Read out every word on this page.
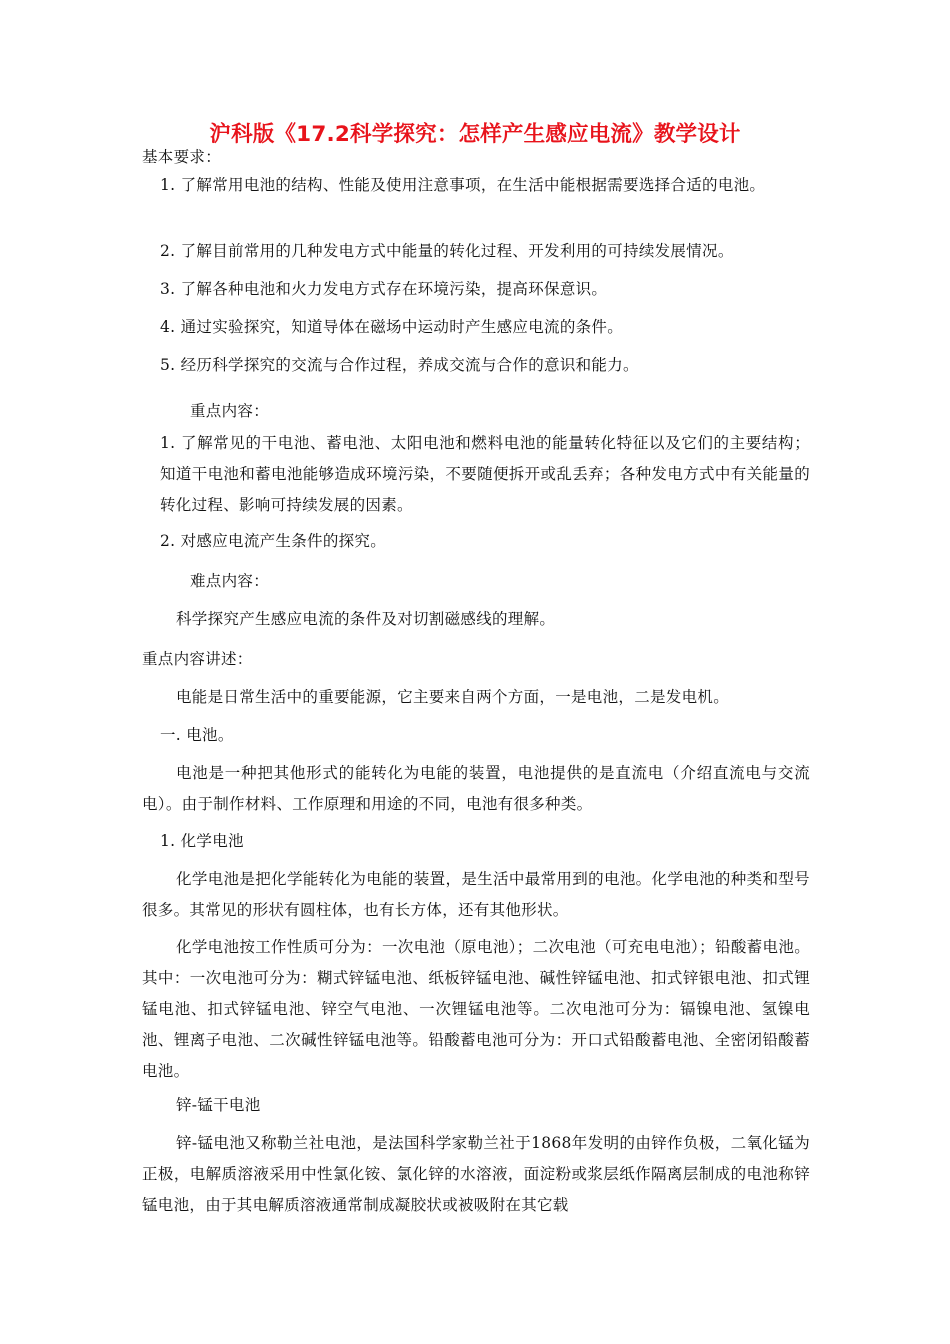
沪科版《17.2科学探究：怎样产生感应电流》教学设计
基本要求：
1. 了解常用电池的结构、性能及使用注意事项，在生活中能根据需要选择合适的电池。
2. 了解目前常用的几种发电方式中能量的转化过程、开发利用的可持续发展情况。
3. 了解各种电池和火力发电方式存在环境污染，提高环保意识。
4. 通过实验探究，知道导体在磁场中运动时产生感应电流的条件。
5. 经历科学探究的交流与合作过程，养成交流与合作的意识和能力。
重点内容：
1. 了解常见的干电池、蓄电池、太阳电池和燃料电池的能量转化特征以及它们的主要结构；知道干电池和蓄电池能够造成环境污染，不要随便拆开或乱丢弃；各种发电方式中有关能量的转化过程、影响可持续发展的因素。
2. 对感应电流产生条件的探究。
难点内容：
科学探究产生感应电流的条件及对切割磁感线的理解。
重点内容讲述：
电能是日常生活中的重要能源，它主要来自两个方面，一是电池，二是发电机。
一. 电池。
电池是一种把其他形式的能转化为电能的装置，电池提供的是直流电（介绍直流电与交流电）。由于制作材料、工作原理和用途的不同，电池有很多种类。
1. 化学电池
化学电池是把化学能转化为电能的装置，是生活中最常用到的电池。化学电池的种类和型号很多。其常见的形状有圆柱体，也有长方体，还有其他形状。
化学电池按工作性质可分为：一次电池（原电池）；二次电池（可充电电池）；铅酸蓄电池。其中：一次电池可分为：糊式锌锰电池、纸板锌锰电池、碱性锌锰电池、扣式锌银电池、扣式锂锰电池、扣式锌锰电池、锌空气电池、一次锂锰电池等。二次电池可分为：镉镍电池、氢镍电池、锂离子电池、二次碱性锌锰电池等。铅酸蓄电池可分为：开口式铅酸蓄电池、全密闭铅酸蓄电池。
锌-锰干电池
锌-锰电池又称勒兰社电池，是法国科学家勒兰社于1868年发明的由锌作负极，二氧化锰为正极，电解质溶液采用中性氯化铵、氯化锌的水溶液，面淀粉或浆层纸作隔离层制成的电池称锌锰电池，由于其电解质溶液通常制成凝胶状或被吸附在其它载
